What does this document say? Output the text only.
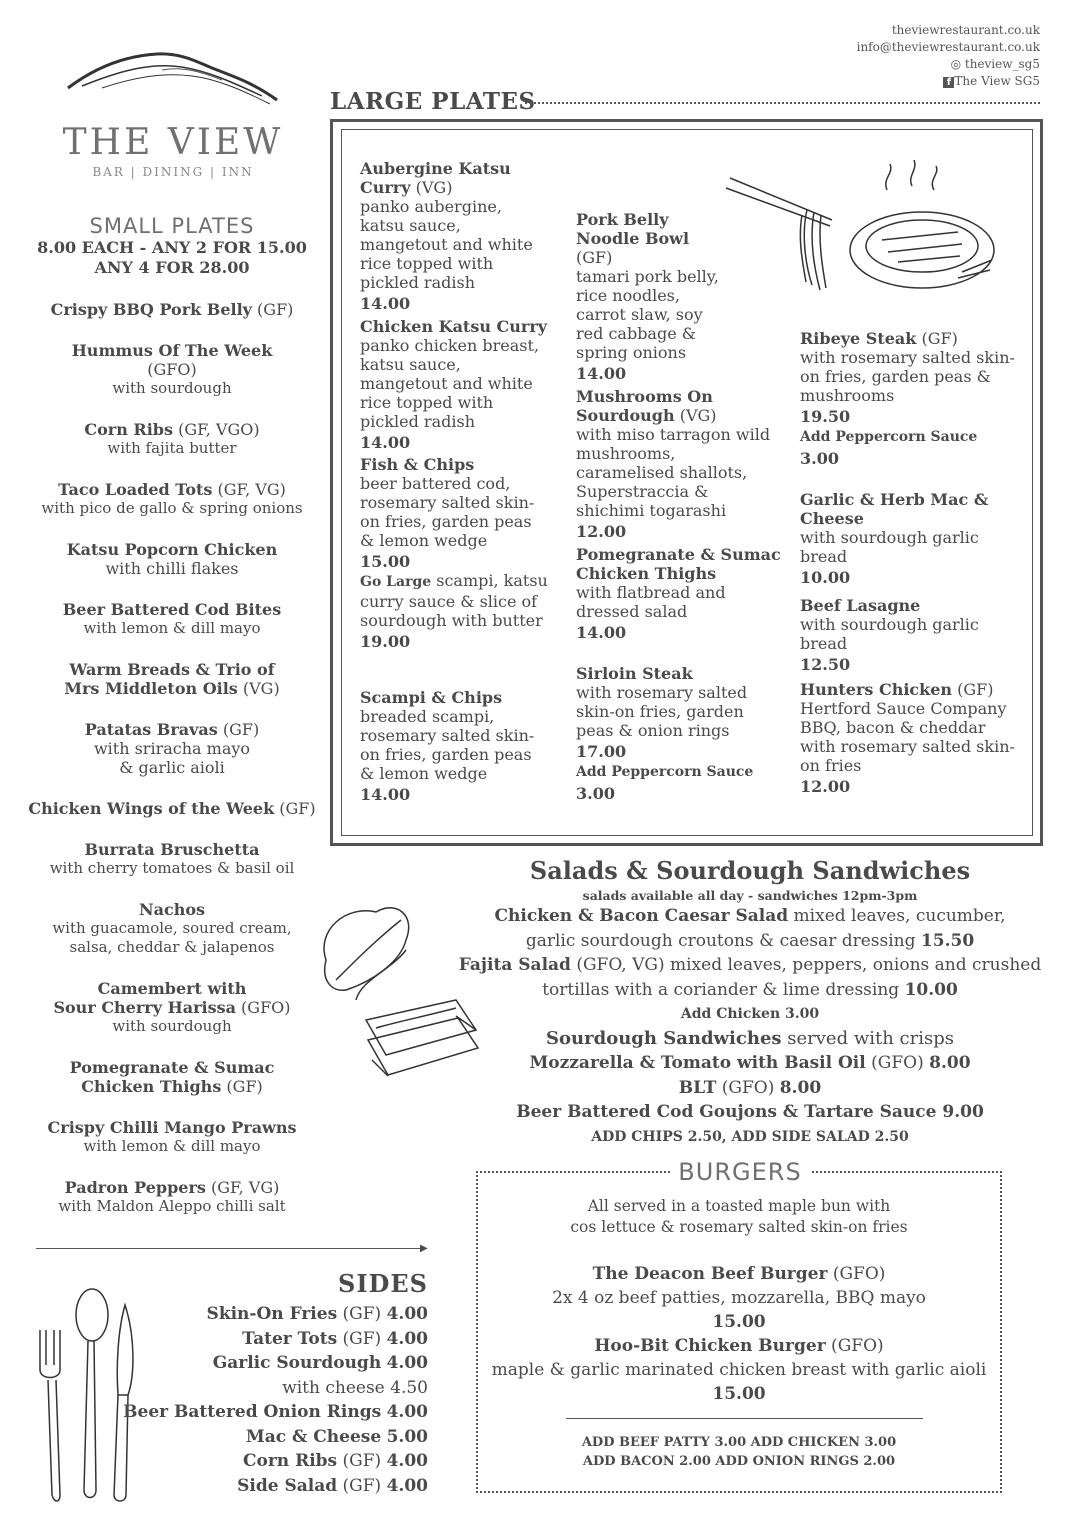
theviewrestaurant.co.uk
info@theviewrestaurant.co.uk
◎ theview_sg5
f The View SG5
THE VIEW
BAR | DINING | INN
SMALL PLATES
8.00 EACH - ANY 2 FOR 15.00
ANY 4 FOR 28.00
Crispy BBQ Pork Belly (GF)
Hummus Of The Week
(GFO)
with sourdough
Corn Ribs (GF, VGO)
with fajita butter
Taco Loaded Tots (GF, VG)
with pico de gallo & spring onions
Katsu Popcorn Chicken
with chilli flakes
Beer Battered Cod Bites
with lemon & dill mayo
Warm Breads & Trio of
Mrs Middleton Oils (VG)
Patatas Bravas (GF)
with sriracha mayo
& garlic aioli
Chicken Wings of the Week (GF)
Burrata Bruschetta
with cherry tomatoes & basil oil
Nachos
with guacamole, soured cream,
salsa, cheddar & jalapenos
Camembert with
Sour Cherry Harissa (GFO)
with sourdough
Pomegranate & Sumac
Chicken Thighs (GF)
Crispy Chilli Mango Prawns
with lemon & dill mayo
Padron Peppers (GF, VG)
with Maldon Aleppo chilli salt
LARGE PLATES
Aubergine Katsu Curry (VG)
panko aubergine, katsu sauce, mangetout and white rice topped with pickled radish
14.00
Chicken Katsu Curry
panko chicken breast, katsu sauce, mangetout and white rice topped with pickled radish
14.00
Fish & Chips
beer battered cod, rosemary salted skin-on fries, garden peas & lemon wedge
15.00
Go Large scampi, katsu curry sauce & slice of sourdough with butter
19.00
Scampi & Chips
breaded scampi, rosemary salted skin-on fries, garden peas & lemon wedge
14.00
Pork Belly Noodle Bowl (GF)
tamari pork belly, rice noodles, carrot slaw, soy red cabbage & spring onions
14.00
Mushrooms On Sourdough (VG)
with miso tarragon wild mushrooms, caramelised shallots, Superstraccia & shichimi togarashi
12.00
Pomegranate & Sumac Chicken Thighs
with flatbread and dressed salad
14.00
Sirloin Steak
with rosemary salted skin-on fries, garden peas & onion rings
17.00
Add Peppercorn Sauce
3.00
Ribeye Steak (GF)
with rosemary salted skin-on fries, garden peas & mushrooms
19.50
Add Peppercorn Sauce
3.00
Garlic & Herb Mac & Cheese
with sourdough garlic bread
10.00
Beef Lasagne
with sourdough garlic bread
12.50
Hunters Chicken (GF)
Hertford Sauce Company BBQ, bacon & cheddar with rosemary salted skin-on fries
12.00
Salads & Sourdough Sandwiches
salads available all day - sandwiches 12pm-3pm
Chicken & Bacon Caesar Salad mixed leaves, cucumber,
garlic sourdough croutons & caesar dressing 15.50
Fajita Salad (GFO, VG) mixed leaves, peppers, onions and crushed
tortillas with a coriander & lime dressing 10.00
Add Chicken 3.00
Sourdough Sandwiches served with crisps
Mozzarella & Tomato with Basil Oil (GFO) 8.00
BLT (GFO) 8.00
Beer Battered Cod Goujons & Tartare Sauce 9.00
ADD CHIPS 2.50, ADD SIDE SALAD 2.50
BURGERS
All served in a toasted maple bun with
cos lettuce & rosemary salted skin-on fries
The Deacon Beef Burger (GFO)
2x 4 oz beef patties, mozzarella, BBQ mayo
15.00
Hoo-Bit Chicken Burger (GFO)
maple & garlic marinated chicken breast with garlic aioli
15.00
ADD BEEF PATTY 3.00 ADD CHICKEN 3.00
ADD BACON 2.00 ADD ONION RINGS 2.00
▶
SIDES
Skin-On Fries (GF) 4.00
Tater Tots (GF) 4.00
Garlic Sourdough 4.00
with cheese 4.50
Beer Battered Onion Rings 4.00
Mac & Cheese 5.00
Corn Ribs (GF) 4.00
Side Salad (GF) 4.00
